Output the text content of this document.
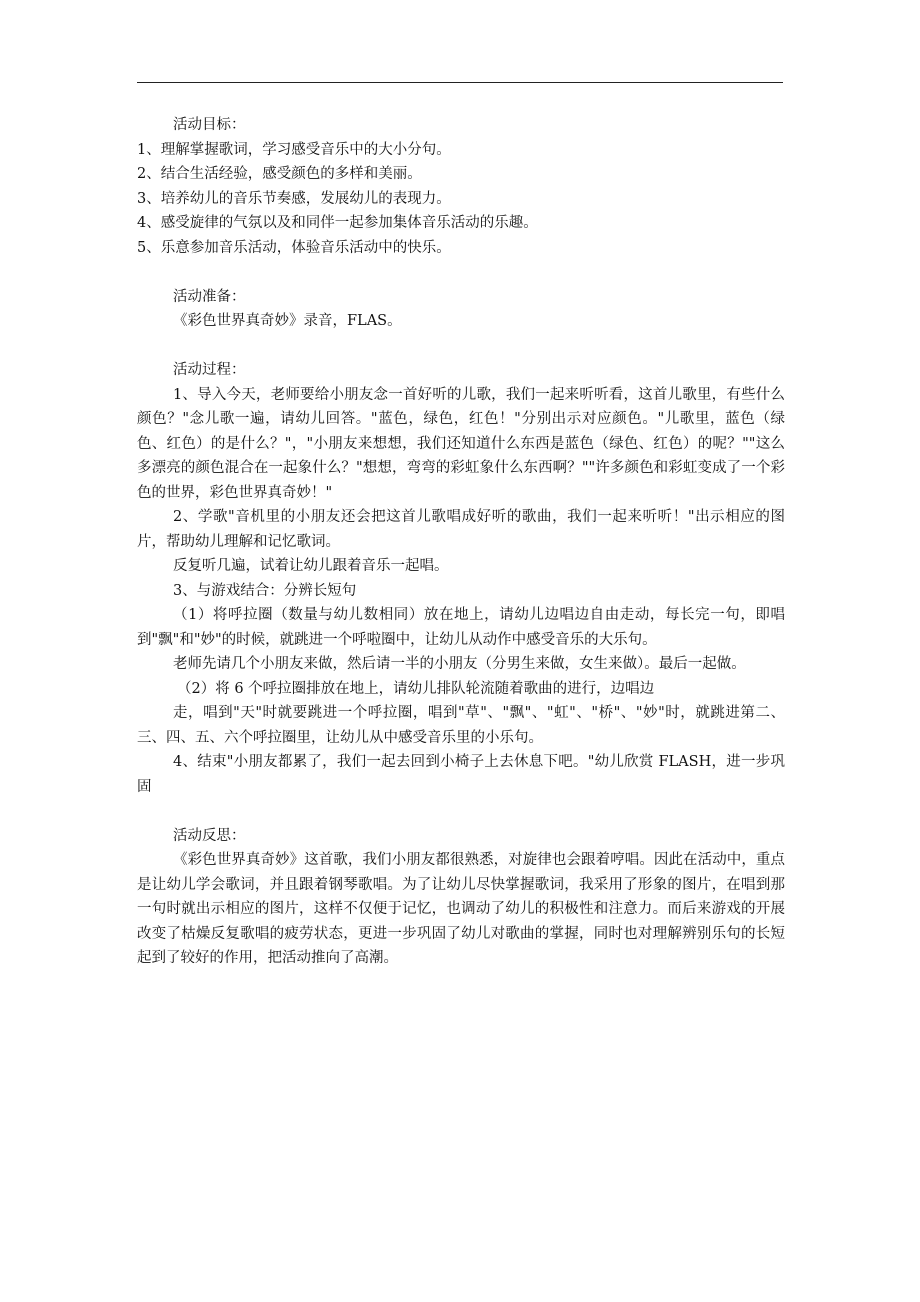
活动目标：

1、理解掌握歌词，学习感受音乐中的大小分句。

2、结合生活经验，感受颜色的多样和美丽。

3、培养幼儿的音乐节奏感，发展幼儿的表现力。

4、感受旋律的气氛以及和同伴一起参加集体音乐活动的乐趣。

5、乐意参加音乐活动，体验音乐活动中的快乐。

活动准备：

《彩色世界真奇妙》录音，FLAS。

活动过程：

1、导入今天，老师要给小朋友念一首好听的儿歌，我们一起来听听看，这首儿歌里，有些什么颜色？"念儿歌一遍，请幼儿回答。"蓝色，绿色，红色！"分别出示对应颜色。"儿歌里，蓝色（绿色、红色）的是什么？"，"小朋友来想想，我们还知道什么东西是蓝色（绿色、红色）的呢？""这么多漂亮的颜色混合在一起象什么？"想想，弯弯的彩虹象什么东西啊？""许多颜色和彩虹变成了一个彩色的世界，彩色世界真奇妙！"

2、学歌"音机里的小朋友还会把这首儿歌唱成好听的歌曲，我们一起来听听！"出示相应的图片，帮助幼儿理解和记忆歌词。

反复听几遍，试着让幼儿跟着音乐一起唱。

3、与游戏结合：分辨长短句

（1）将呼拉圈（数量与幼儿数相同）放在地上，请幼儿边唱边自由走动，每长完一句，即唱到"飘"和"妙"的时候，就跳进一个呼啦圈中，让幼儿从动作中感受音乐的大乐句。

老师先请几个小朋友来做，然后请一半的小朋友（分男生来做，女生来做）。最后一起做。

（2）将 6 个呼拉圈排放在地上，请幼儿排队轮流随着歌曲的进行，边唱边

走，唱到"天"时就要跳进一个呼拉圈，唱到"草"、"飘"、"虹"、"桥"、"妙"时，就跳进第二、三、四、五、六个呼拉圈里，让幼儿从中感受音乐里的小乐句。

4、结束"小朋友都累了，我们一起去回到小椅子上去休息下吧。"幼儿欣赏 FLASH，进一步巩固

活动反思：

《彩色世界真奇妙》这首歌，我们小朋友都很熟悉，对旋律也会跟着哼唱。因此在活动中，重点是让幼儿学会歌词，并且跟着钢琴歌唱。为了让幼儿尽快掌握歌词，我采用了形象的图片，在唱到那一句时就出示相应的图片，这样不仅便于记忆，也调动了幼儿的积极性和注意力。而后来游戏的开展改变了枯燥反复歌唱的疲劳状态，更进一步巩固了幼儿对歌曲的掌握，同时也对理解辨别乐句的长短起到了较好的作用，把活动推向了高潮。
